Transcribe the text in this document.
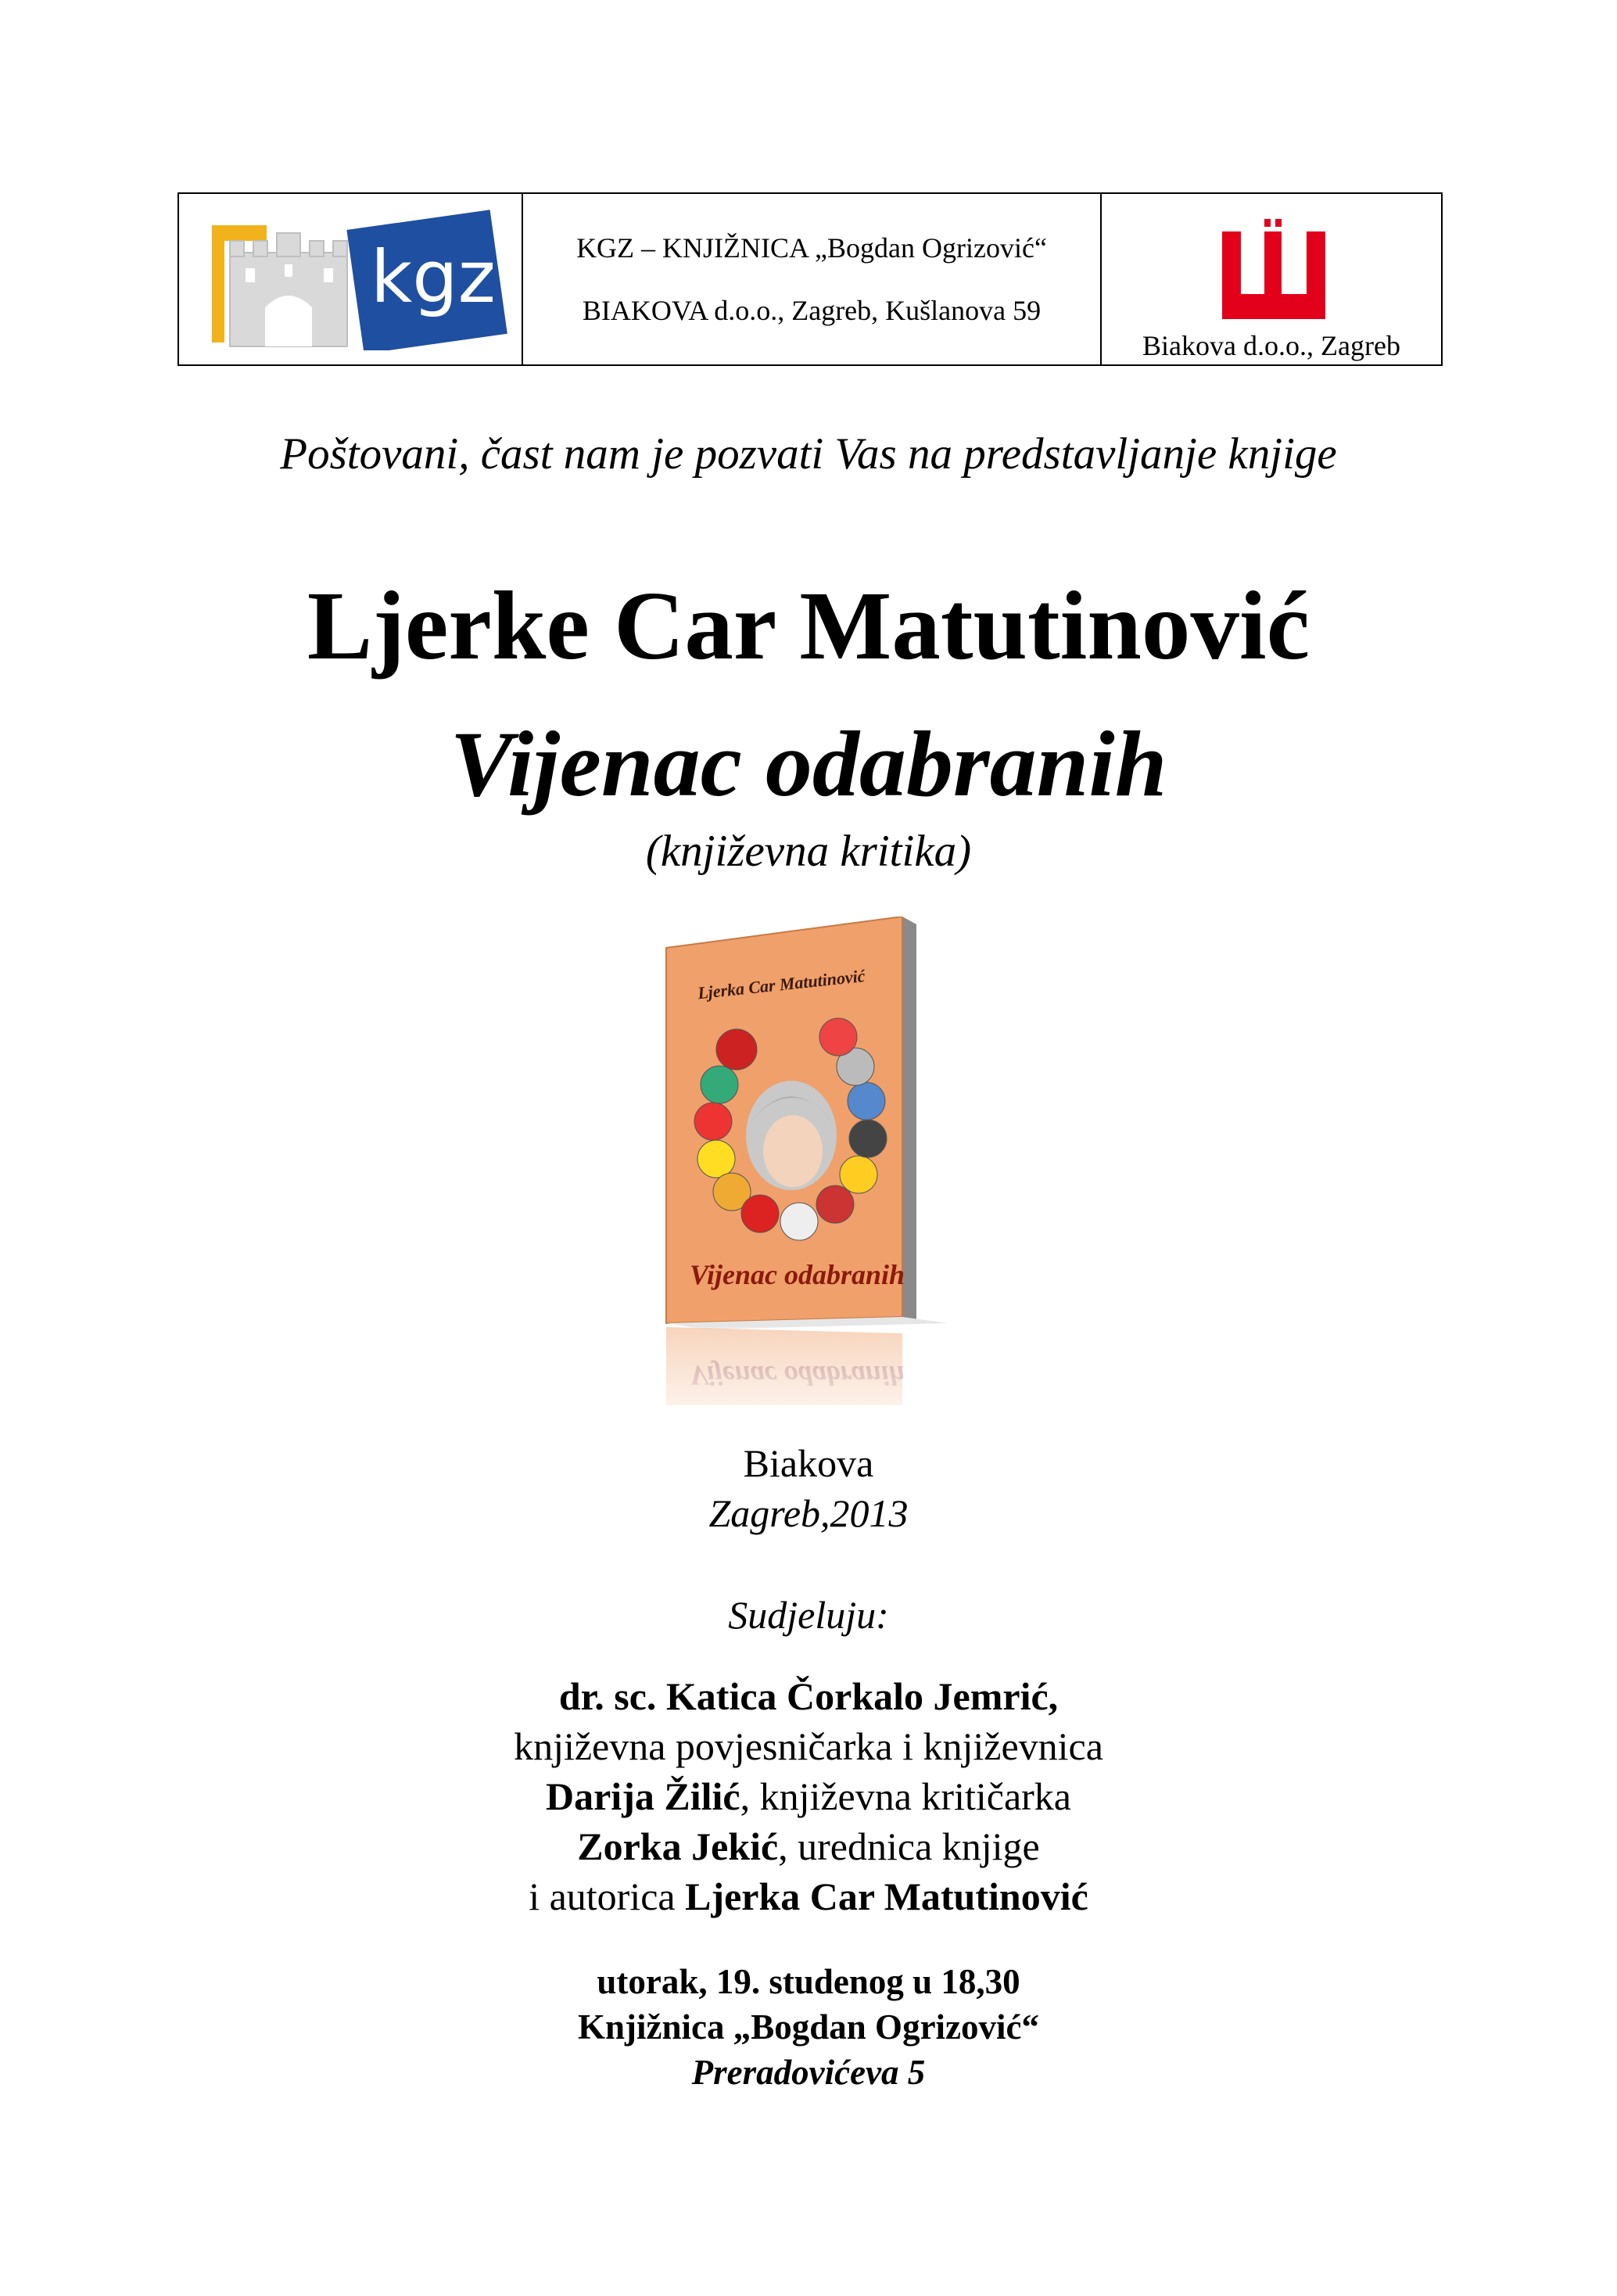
kgz	KGZ – KNJIŽNICA „Bogdan Ogrizović“
BIAKOVA d.o.o., Zagreb, Kušlanova 59
Biakova d.o.o., Zagreb
Poštovani, čast nam je pozvati Vas na predstavljanje knjige
Ljerke Car Matutinović
Vijenac odabranih
(književna kritika)
Ljerka Car Matutinović
Vijenac odabranih
Biakova
Zagreb,2013
Sudjeluju:
dr. sc. Katica Čorkalo Jemrić,
književna povjesničarka i književnica
Darija Žilić, književna kritičarka
Zorka Jekić, urednica knjige
i autorica Ljerka Car Matutinović
utorak, 19. studenog u 18,30
Knjižnica „Bogdan Ogrizović“
Preradovićeva 5
